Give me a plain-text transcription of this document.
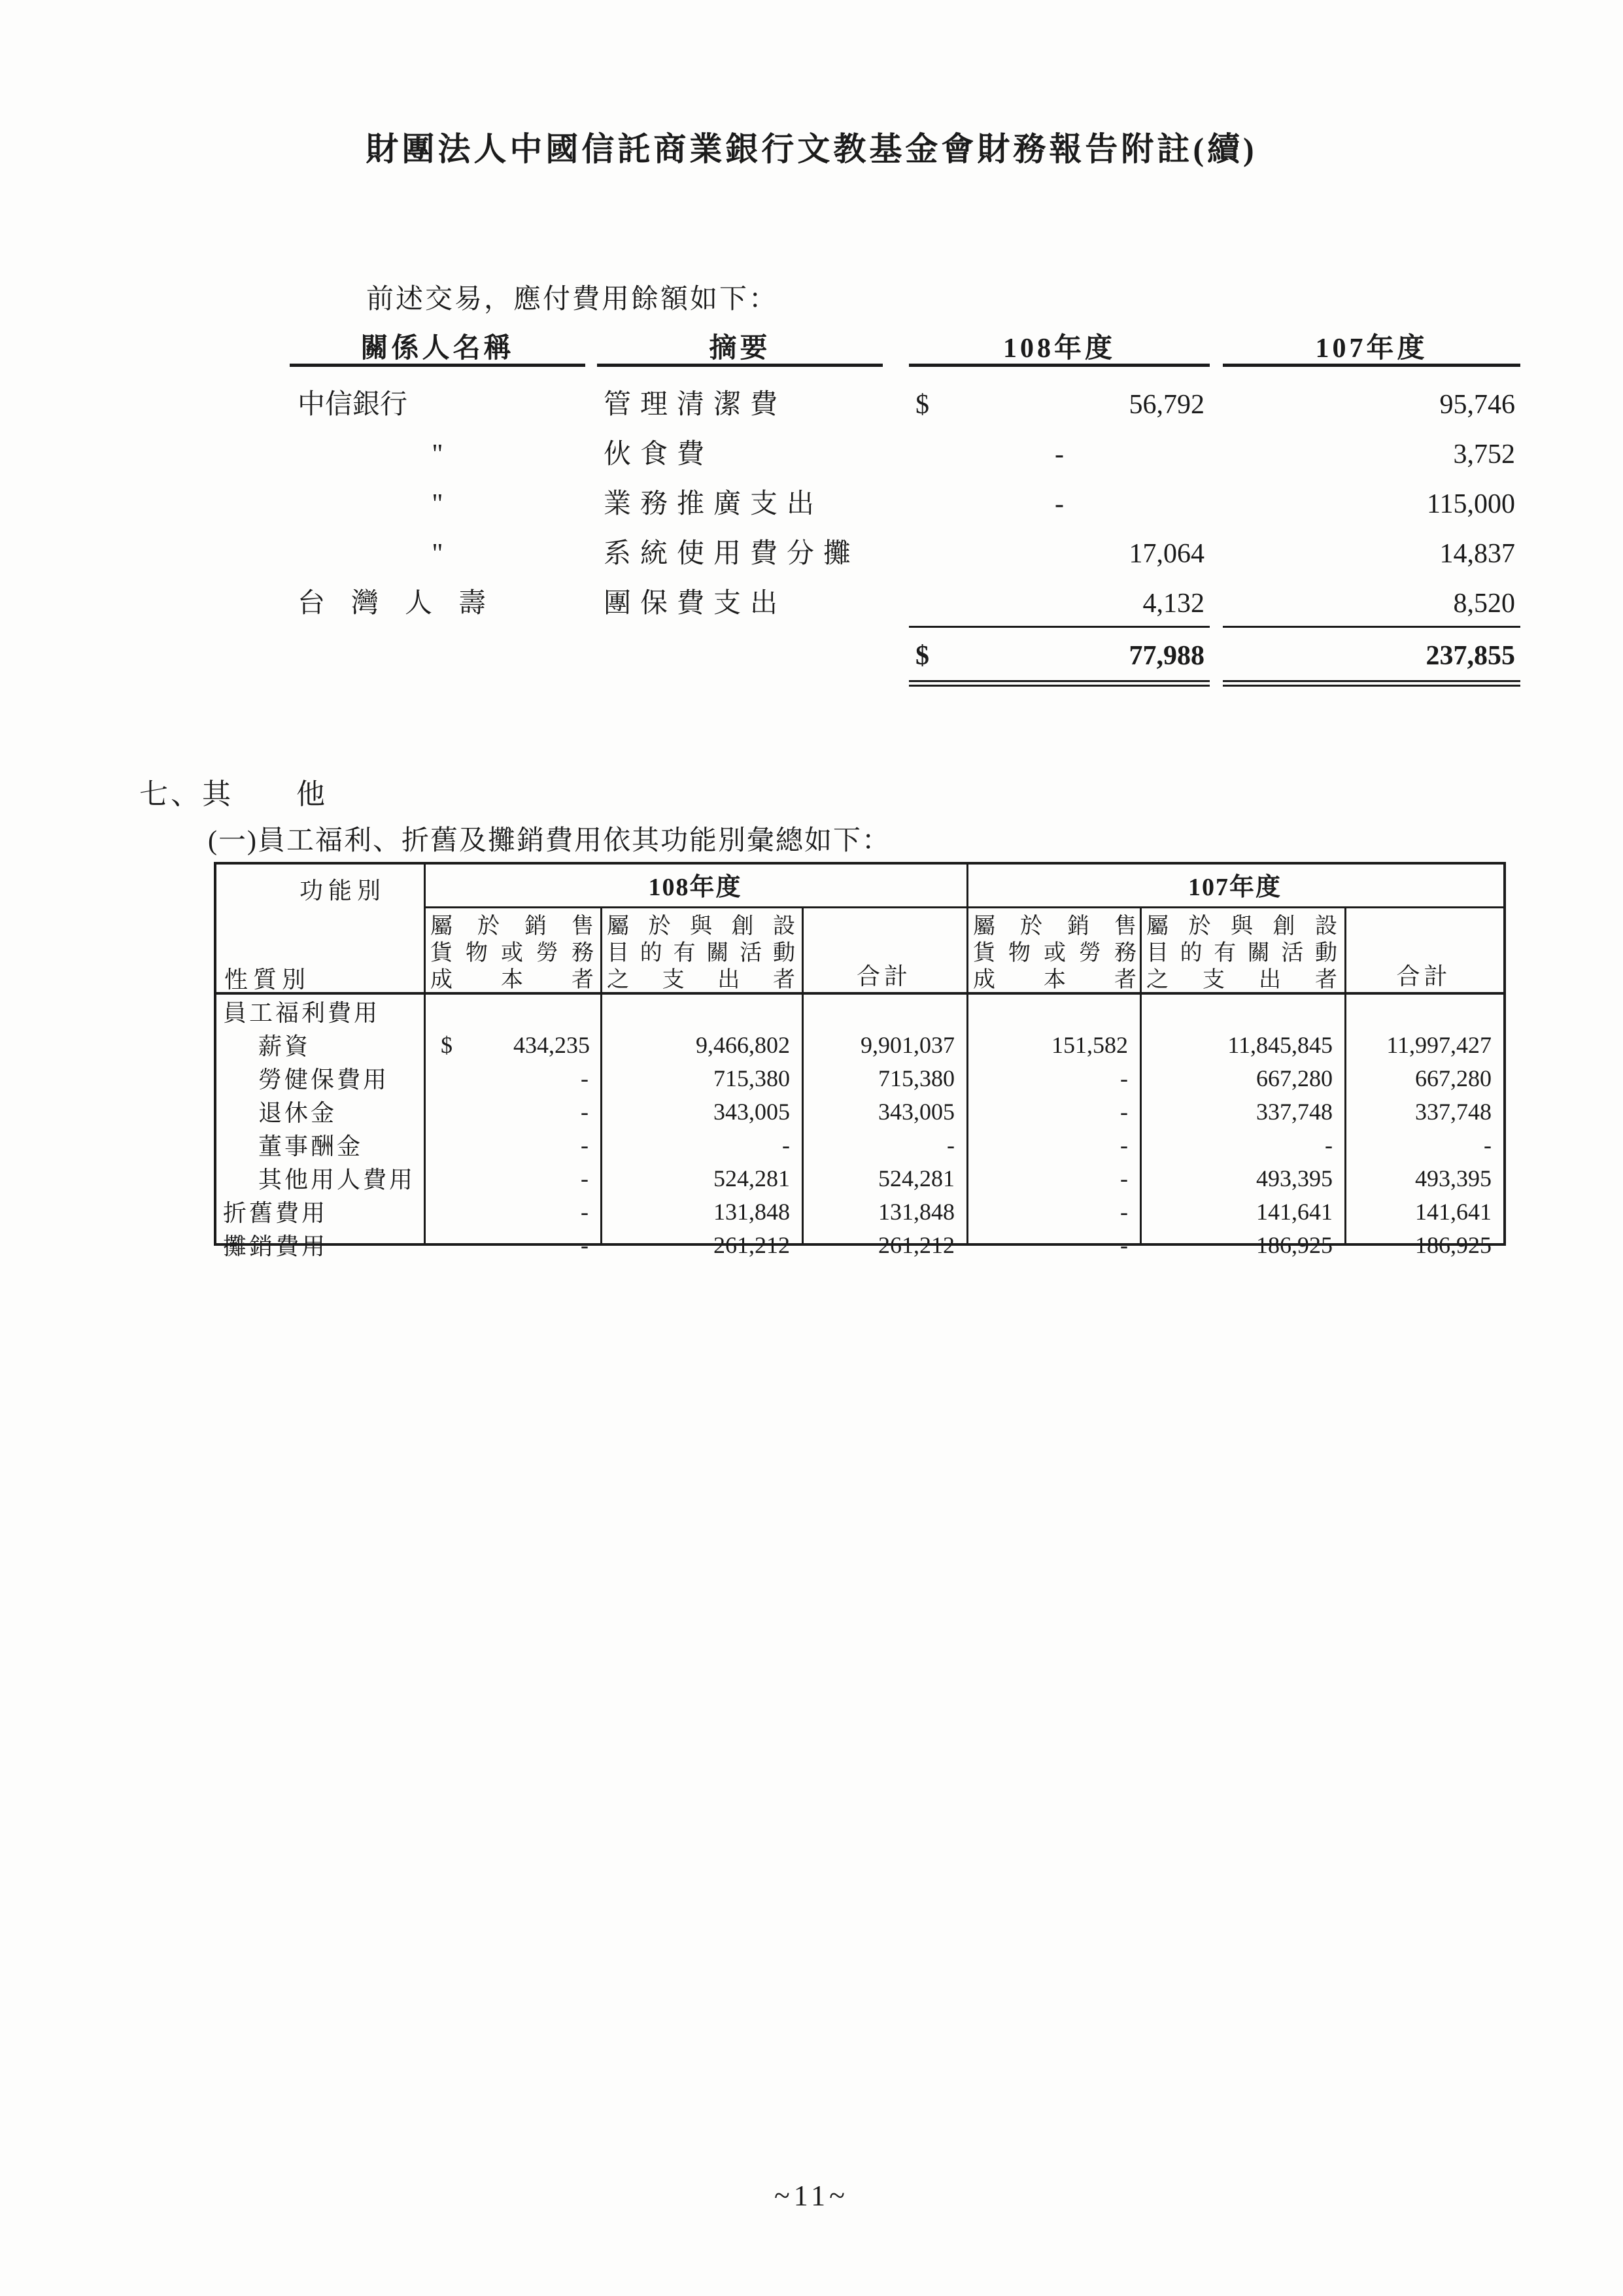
財團法人中國信託商業銀行文教基金會財務報告附註(續)
前述交易，應付費用餘額如下：
關係人名稱	摘要	108年度	107年度
中信銀行	管理清潔費	$	56,792	95,746
"	伙食費	-	3,752
"	業務推廣支出	-	115,000
"	系統使用費分攤	17,064	14,837
台灣人壽	團保費支出	4,132	8,520
$	77,988	237,855
七、其　　他
(一)員工福利、折舊及攤銷費用依其功能別彙總如下：
功能別
性質別
108年度	107年度
屬於銷售
貨物或勞務
成本者
屬於與創設
目的有關活動
之支出者	合計
屬於銷售
貨物或勞務
成本者
屬於與創設
目的有關活動
之支出者	合計
員工福利費用
薪資	$	434,235	9,466,802	9,901,037	151,582	11,845,845	11,997,427
勞健保費用	-	715,380	715,380	-	667,280	667,280
退休金	-	343,005	343,005	-	337,748	337,748
董事酬金	-	-	-	-	-	-
其他用人費用	-	524,281	524,281	-	493,395	493,395
折舊費用	-	131,848	131,848	-	141,641	141,641
攤銷費用	-	261,212	261,212	-	186,925	186,925
~11~
